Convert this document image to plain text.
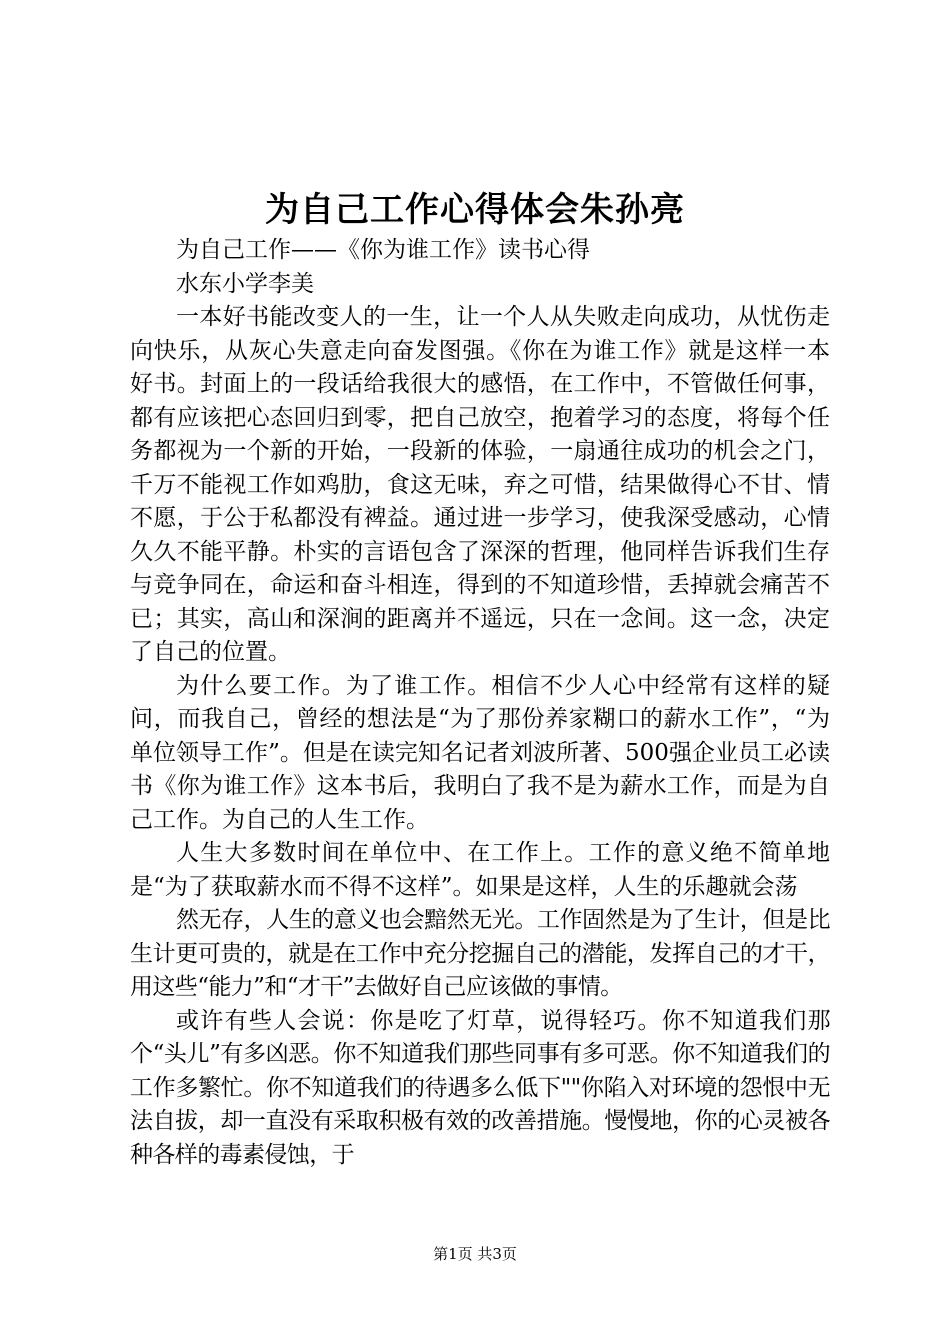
为自己工作心得体会朱孙亮

为自己工作——《你为谁工作》读书心得

水东小学李美

一本好书能改变人的一生，让一个人从失败走向成功，从忧伤走向快乐，从灰心失意走向奋发图强。《你在为谁工作》就是这样一本好书。封面上的一段话给我很大的感悟，在工作中，不管做任何事，都有应该把心态回归到零，把自己放空，抱着学习的态度，将每个任务都视为一个新的开始，一段新的体验，一扇通往成功的机会之门，千万不能视工作如鸡肋，食这无味，弃之可惜，结果做得心不甘、情不愿，于公于私都没有裨益。通过进一步学习，使我深受感动，心情久久不能平静。朴实的言语包含了深深的哲理，他同样告诉我们生存与竞争同在，命运和奋斗相连，得到的不知道珍惜，丢掉就会痛苦不已；其实，高山和深涧的距离并不遥远，只在一念间。这一念，决定了自己的位置。

为什么要工作。为了谁工作。相信不少人心中经常有这样的疑问，而我自己，曾经的想法是“为了那份养家糊口的薪水工作”，“为单位领导工作”。但是在读完知名记者刘波所著、500强企业员工必读书《你为谁工作》这本书后，我明白了我不是为薪水工作，而是为自己工作。为自己的人生工作。

人生大多数时间在单位中、在工作上。工作的意义绝不简单地是“为了获取薪水而不得不这样”。如果是这样，人生的乐趣就会荡

然无存，人生的意义也会黯然无光。工作固然是为了生计，但是比生计更可贵的，就是在工作中充分挖掘自己的潜能，发挥自己的才干，用这些“能力”和“才干”去做好自己应该做的事情。

或许有些人会说：你是吃了灯草，说得轻巧。你不知道我们那个“头儿”有多凶恶。你不知道我们那些同事有多可恶。你不知道我们的工作多繁忙。你不知道我们的待遇多么低下""你陷入对环境的怨恨中无法自拔，却一直没有采取积极有效的改善措施。慢慢地，你的心灵被各种各样的毒素侵蚀，于

第1页 共3页
